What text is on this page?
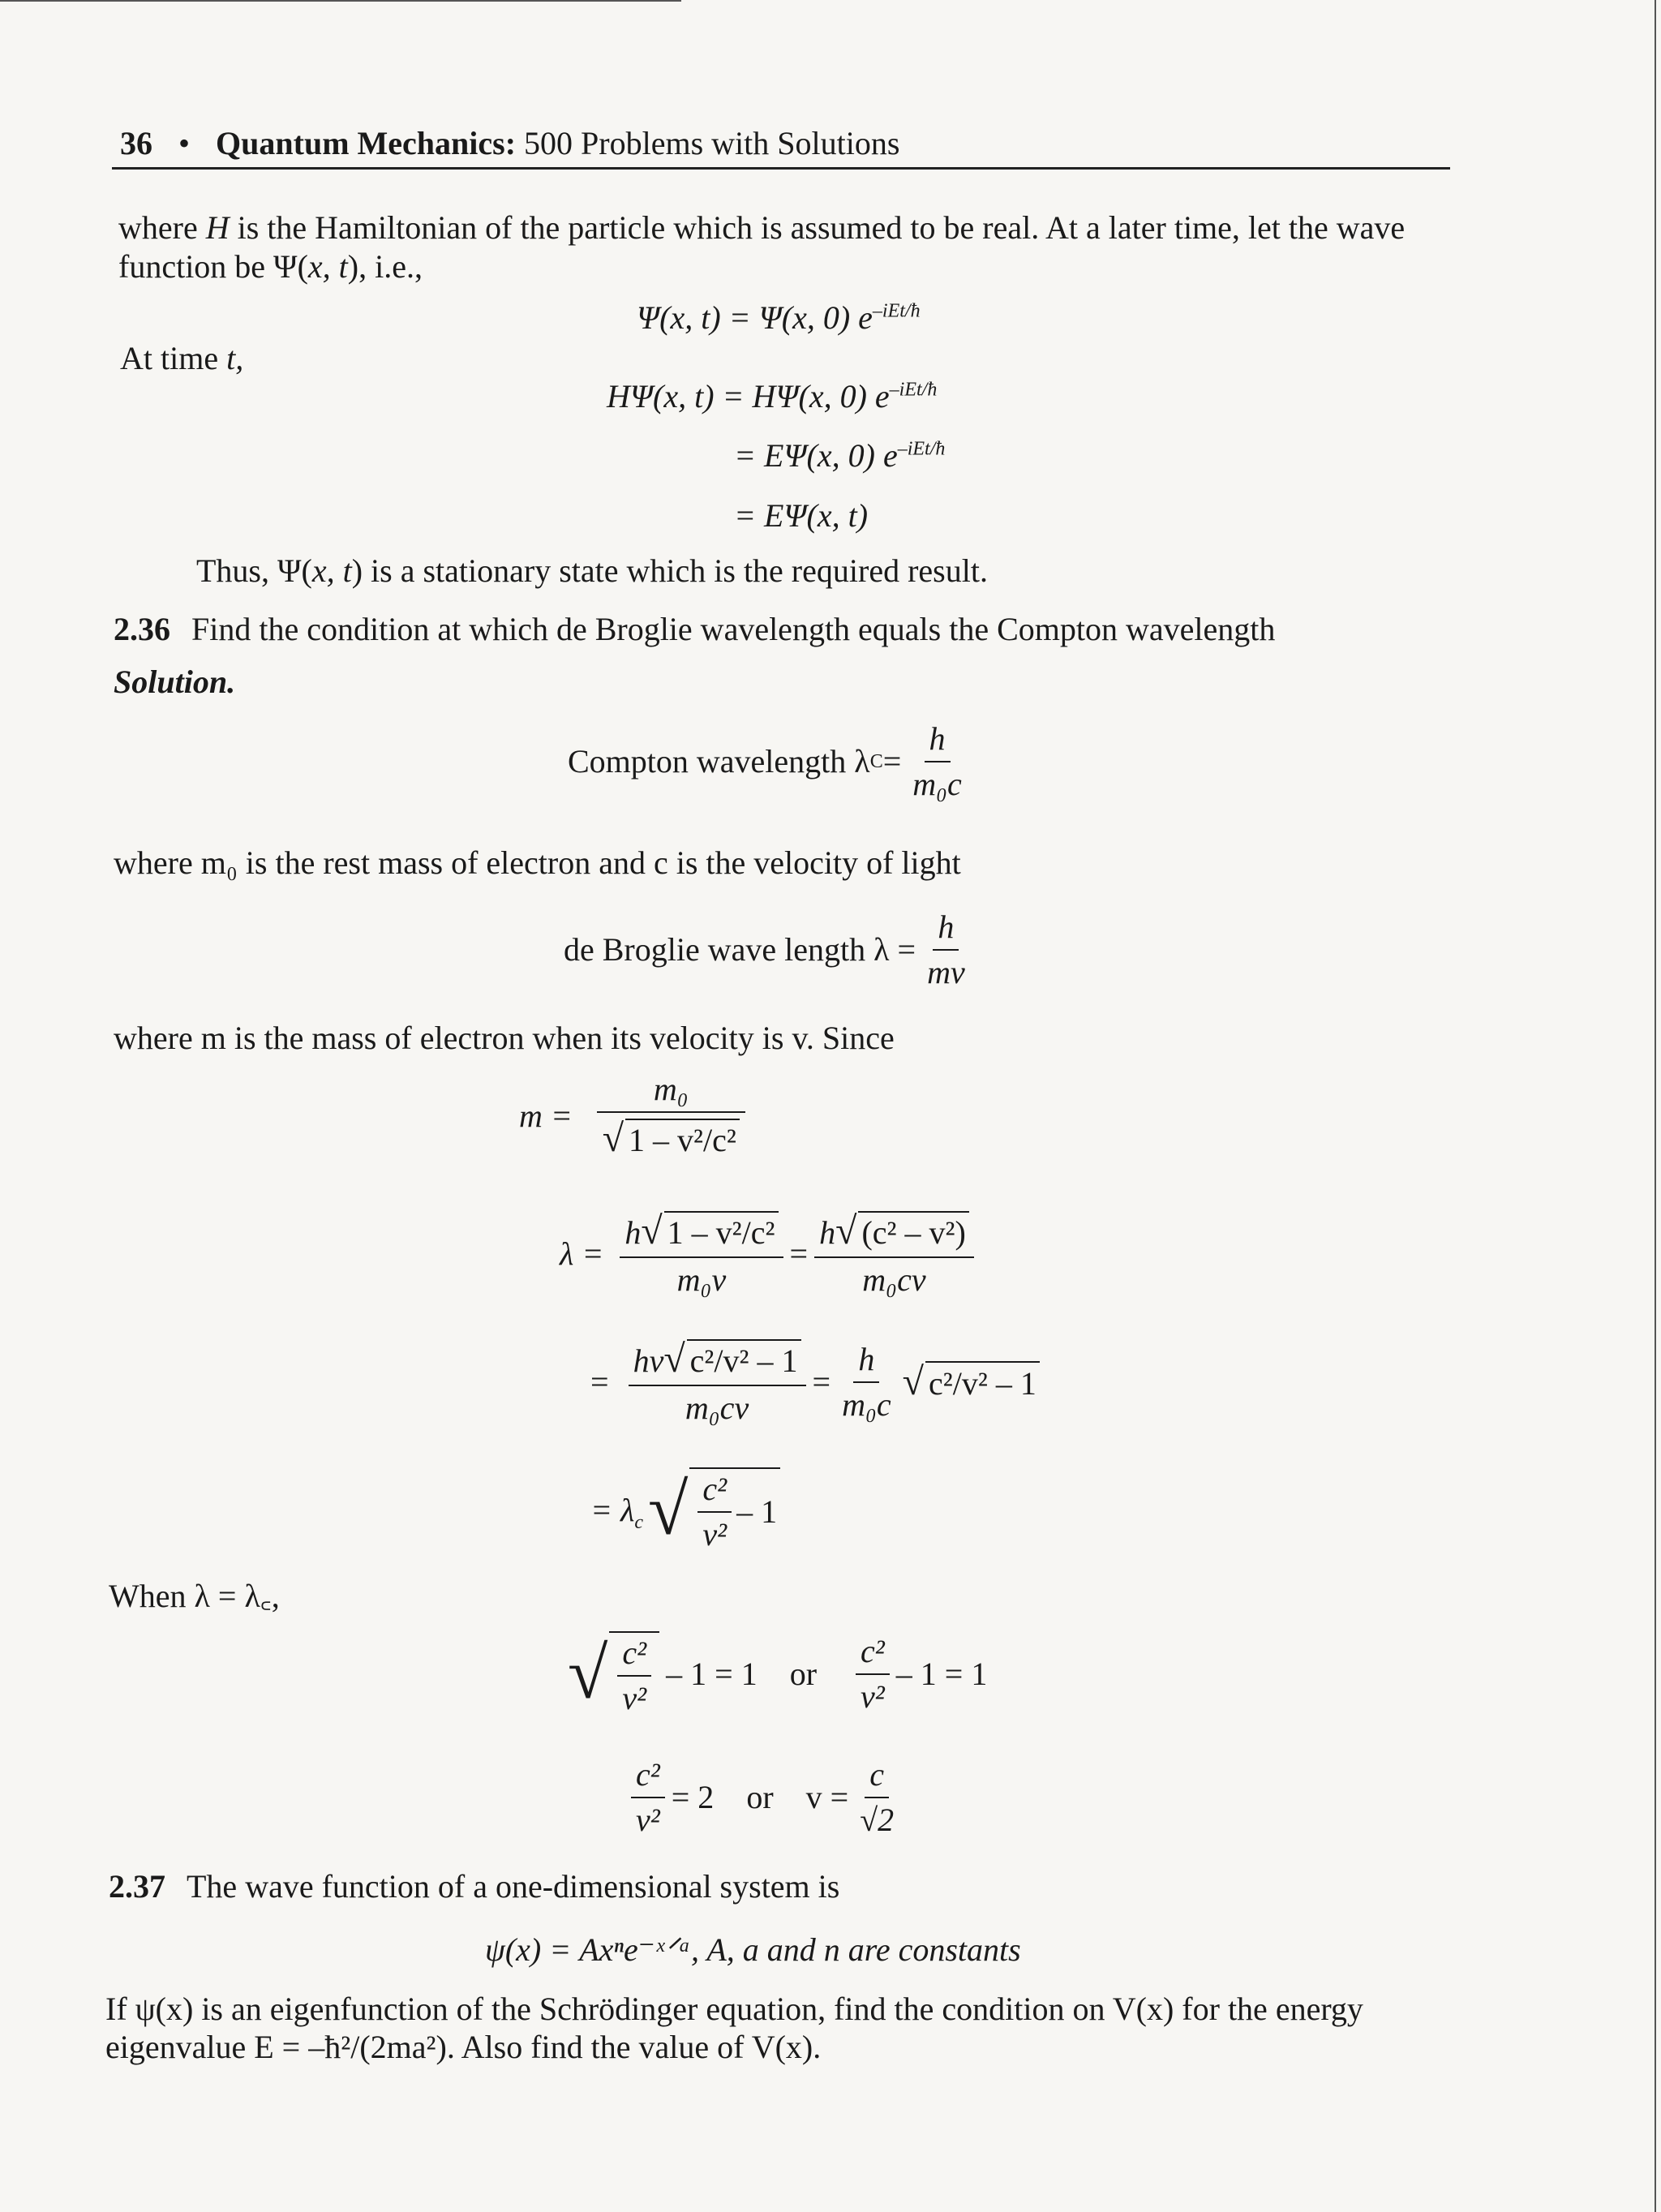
36 • Quantum Mechanics: 500 Problems with Solutions
where H is the Hamiltonian of the particle which is assumed to be real. At a later time, let the wave
function be Ψ(x, t), i.e.,
Ψ(x, t) = Ψ(x, 0) $e^{-iEt/ħ}$
At time t,
HΨ(x, t) = HΨ(x, 0) $e^{-iEt/ħ}$
= EΨ(x, 0) $e^{-iEt/ħ}$
= EΨ(x, t)
Thus, Ψ(x, t) is a stationary state which is the required result.
2.36 Find the condition at which de Broglie wavelength equals the Compton wavelength
Solution.
Compton wavelength λ $C = \frac{h}{\text{m₀c}}$
where m₀ is the rest mass of electron and c is the velocity of light
de Broglie wave length $\lambda = \frac{h}{mv}$
where m is the mass of electron when its velocity is v. Since
$m = \frac{\text{m₀}}{\text{√ 1 – v²/c²}}$
$\lambda = \frac{\text{h√ 1 – v²/c²}}{\text{m₀v}} = \frac{\text{h√ (c² – v²)}}{\text{m₀cv}}$
= $\frac{\text{hv√ c²/v² – 1}}{\text{m₀cv}} = \frac{h}{\text{m₀c}}$ √ c²/v² – 1
= $\lambda_c$ √ $\frac{\text{c²}}{\text{v²}} - 1$
When λ = λ꜀,
√ $\frac{\text{c²}}{\text{v²}} - 1 = 1$ or $\frac{\text{c²}}{\text{v²}} - 1 = 1$
$\frac{\text{c²}}{\text{v²}} = 2$ or $v = \frac{c}{√2}$
2.37 The wave function of a one-dimensional system is
ψ(x) = Axⁿe⁻ˣᐟᵃ, A, a and n are constants
If ψ(x) is an eigenfunction of the Schrödinger equation, find the condition on V(x) for the energy
eigenvalue E = –ħ²/(2ma²). Also find the value of V(x).
